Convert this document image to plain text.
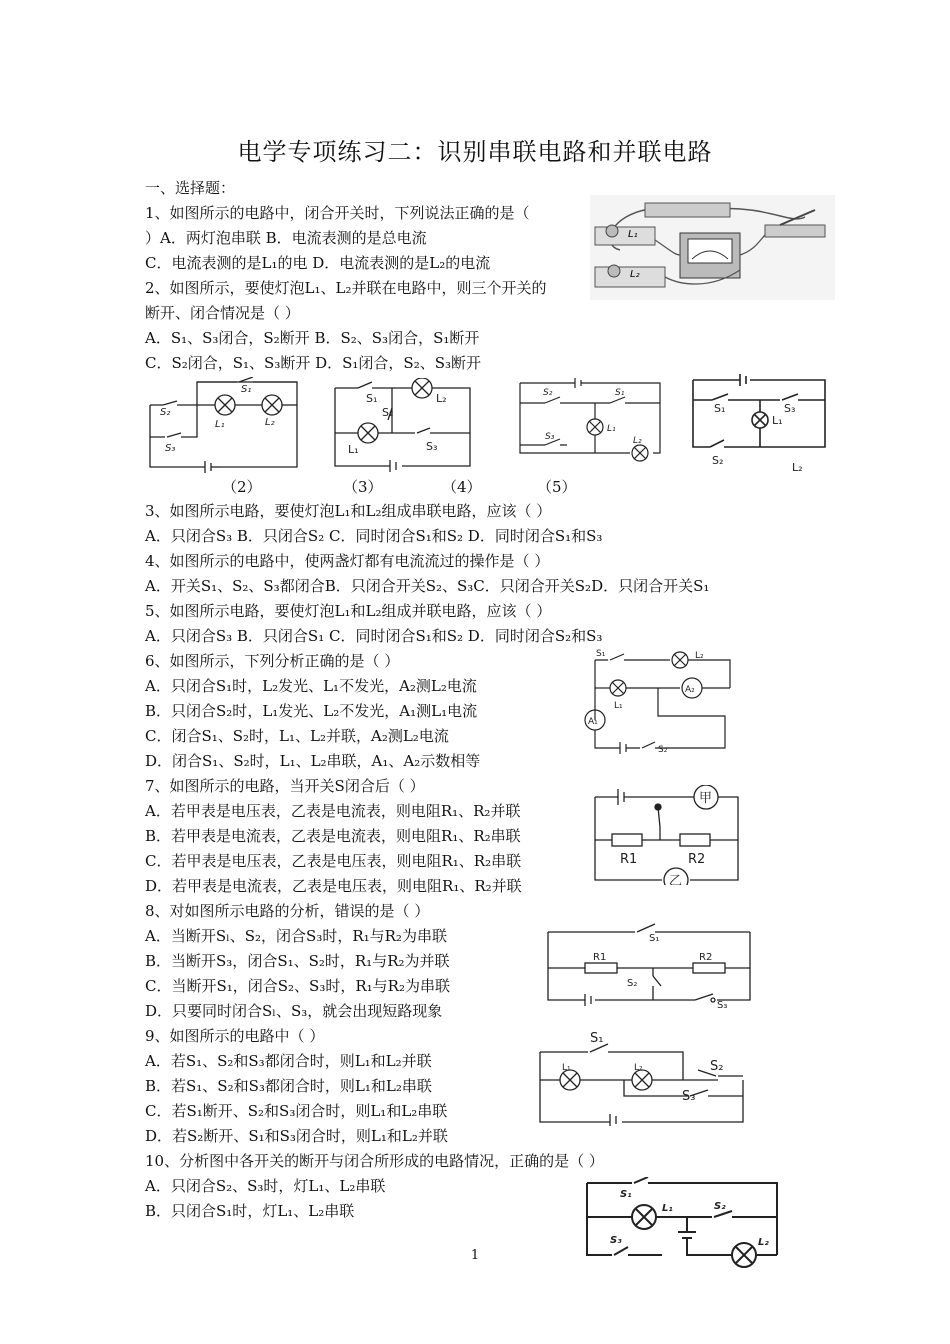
电学专项练习二：识别串联电路和并联电路
一、选择题：
1、如图所示的电路中，闭合开关时，下列说法正确的是（
）A．两灯泡串联 B．电流表测的是总电流
C．电流表测的是L₁的电 D．电流表测的是L₂的电流
2、如图所示，要使灯泡L₁、L₂并联在电路中，则三个开关的
断开、闭合情况是（ ）
A．S₁、S₃闭合，S₂断开 B．S₂、S₃闭合，S₁断开
C．S₂闭合，S₁、S₃断开 D．S₁闭合，S₂、S₃断开
3、如图所示电路，要使灯泡L₁和L₂组成串联电路，应该（ ）
A．只闭合S₃ B．只闭合S₂ C．同时闭合S₁和S₂ D．同时闭合S₁和S₃
4、如图所示的电路中，使两盏灯都有电流流过的操作是（ ）
A．开关S₁、S₂、S₃都闭合B．只闭合开关S₂、S₃C．只闭合开关S₂D．只闭合开关S₁
5、如图所示电路，要使灯泡L₁和L₂组成并联电路，应该（ ）
A．只闭合S₃ B．只闭合S₁ C．同时闭合S₁和S₂ D．同时闭合S₂和S₃
6、如图所示，下列分析正确的是（ ）
A．只闭合S₁时，L₂发光、L₁不发光，A₂测L₂电流
B．只闭合S₂时，L₁发光、L₂不发光，A₁测L₁电流
C．闭合S₁、S₂时，L₁、L₂并联，A₂测L₂电流
D．闭合S₁、S₂时，L₁、L₂串联，A₁、A₂示数相等
7、如图所示的电路，当开关S闭合后（ ）
A．若甲表是电压表，乙表是电流表，则电阻R₁、R₂并联
B．若甲表是电流表，乙表是电流表，则电阻R₁、R₂串联
C．若甲表是电压表，乙表是电压表，则电阻R₁、R₂串联
D．若甲表是电流表，乙表是电压表，则电阻R₁、R₂并联
8、对如图所示电路的分析，错误的是（ ）
A．当断开Sₗ、S₂，闭合S₃时，R₁与R₂为串联
B．当断开S₃，闭合S₁、S₂时，R₁与R₂为并联
C．当断开S₁，闭合S₂、S₃时，R₁与R₂为串联
D．只要同时闭合Sₗ、S₃，就会出现短路现象
9、如图所示的电路中（ ）
A．若S₁、S₂和S₃都闭合时，则L₁和L₂并联
B．若S₁、S₂和S₃都闭合时，则L₁和L₂串联
C．若S₁断开、S₂和S₃闭合时，则L₁和L₂串联
D．若S₂断开、S₁和S₃闭合时，则L₁和L₂并联
10、分析图中各开关的断开与闭合所形成的电路情况，正确的是（ ）
A．只闭合S₂、S₃时，灯L₁、L₂串联
B．只闭合S₁时，灯L₁、L₂串联
L₁
L₂
S₂
S₁
L₁	L₂
S₃
S₁
S₂
L₂
L₁	S₃
S₂	S₁
L₁
S₃	L₂
S₁	S₃
L₁
S₂
L₂
（2）	（3）	（4）	（5）
S₁	L₂
L₁
A₂
A₁
S₂
甲
R1	R2
乙
S₁
R1	R2
S₂
S₃
S₁
L₁	L₂	S₂
S₃
S₁
L₁	S₂
S₃	L₂
1
